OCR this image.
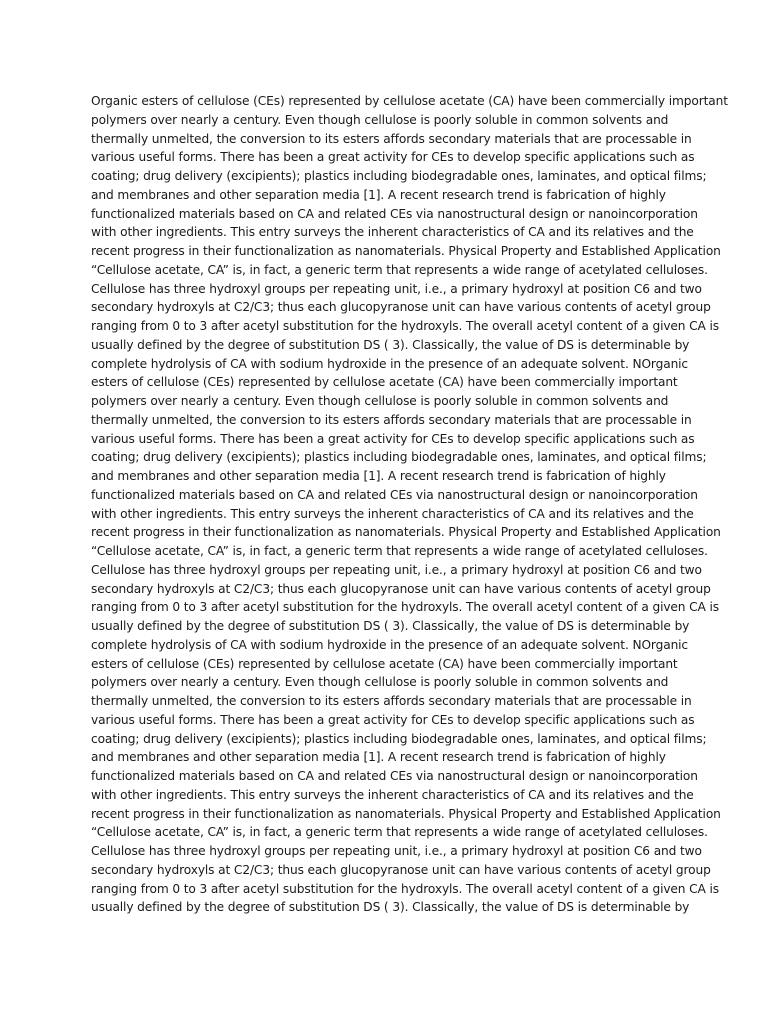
Organic esters of cellulose (CEs) represented by cellulose acetate (CA) have been commercially important
polymers over nearly a century. Even though cellulose is poorly soluble in common solvents and
thermally unmelted, the conversion to its esters affords secondary materials that are processable in
various useful forms. There has been a great activity for CEs to develop specific applications such as
coating; drug delivery (excipients); plastics including biodegradable ones, laminates, and optical films;
and membranes and other separation media [1]. A recent research trend is fabrication of highly
functionalized materials based on CA and related CEs via nanostructural design or nanoincorporation
with other ingredients. This entry surveys the inherent characteristics of CA and its relatives and the
recent progress in their functionalization as nanomaterials. Physical Property and Established Application
“Cellulose acetate, CA” is, in fact, a generic term that represents a wide range of acetylated celluloses.
Cellulose has three hydroxyl groups per repeating unit, i.e., a primary hydroxyl at position C6 and two
secondary hydroxyls at C2/C3; thus each glucopyranose unit can have various contents of acetyl group
ranging from 0 to 3 after acetyl substitution for the hydroxyls. The overall acetyl content of a given CA is
usually defined by the degree of substitution DS ( 3). Classically, the value of DS is determinable by
complete hydrolysis of CA with sodium hydroxide in the presence of an adequate solvent. NOrganic
esters of cellulose (CEs) represented by cellulose acetate (CA) have been commercially important
polymers over nearly a century. Even though cellulose is poorly soluble in common solvents and
thermally unmelted, the conversion to its esters affords secondary materials that are processable in
various useful forms. There has been a great activity for CEs to develop specific applications such as
coating; drug delivery (excipients); plastics including biodegradable ones, laminates, and optical films;
and membranes and other separation media [1]. A recent research trend is fabrication of highly
functionalized materials based on CA and related CEs via nanostructural design or nanoincorporation
with other ingredients. This entry surveys the inherent characteristics of CA and its relatives and the
recent progress in their functionalization as nanomaterials. Physical Property and Established Application
“Cellulose acetate, CA” is, in fact, a generic term that represents a wide range of acetylated celluloses.
Cellulose has three hydroxyl groups per repeating unit, i.e., a primary hydroxyl at position C6 and two
secondary hydroxyls at C2/C3; thus each glucopyranose unit can have various contents of acetyl group
ranging from 0 to 3 after acetyl substitution for the hydroxyls. The overall acetyl content of a given CA is
usually defined by the degree of substitution DS ( 3). Classically, the value of DS is determinable by
complete hydrolysis of CA with sodium hydroxide in the presence of an adequate solvent. NOrganic
esters of cellulose (CEs) represented by cellulose acetate (CA) have been commercially important
polymers over nearly a century. Even though cellulose is poorly soluble in common solvents and
thermally unmelted, the conversion to its esters affords secondary materials that are processable in
various useful forms. There has been a great activity for CEs to develop specific applications such as
coating; drug delivery (excipients); plastics including biodegradable ones, laminates, and optical films;
and membranes and other separation media [1]. A recent research trend is fabrication of highly
functionalized materials based on CA and related CEs via nanostructural design or nanoincorporation
with other ingredients. This entry surveys the inherent characteristics of CA and its relatives and the
recent progress in their functionalization as nanomaterials. Physical Property and Established Application
“Cellulose acetate, CA” is, in fact, a generic term that represents a wide range of acetylated celluloses.
Cellulose has three hydroxyl groups per repeating unit, i.e., a primary hydroxyl at position C6 and two
secondary hydroxyls at C2/C3; thus each glucopyranose unit can have various contents of acetyl group
ranging from 0 to 3 after acetyl substitution for the hydroxyls. The overall acetyl content of a given CA is
usually defined by the degree of substitution DS ( 3). Classically, the value of DS is determinable by
